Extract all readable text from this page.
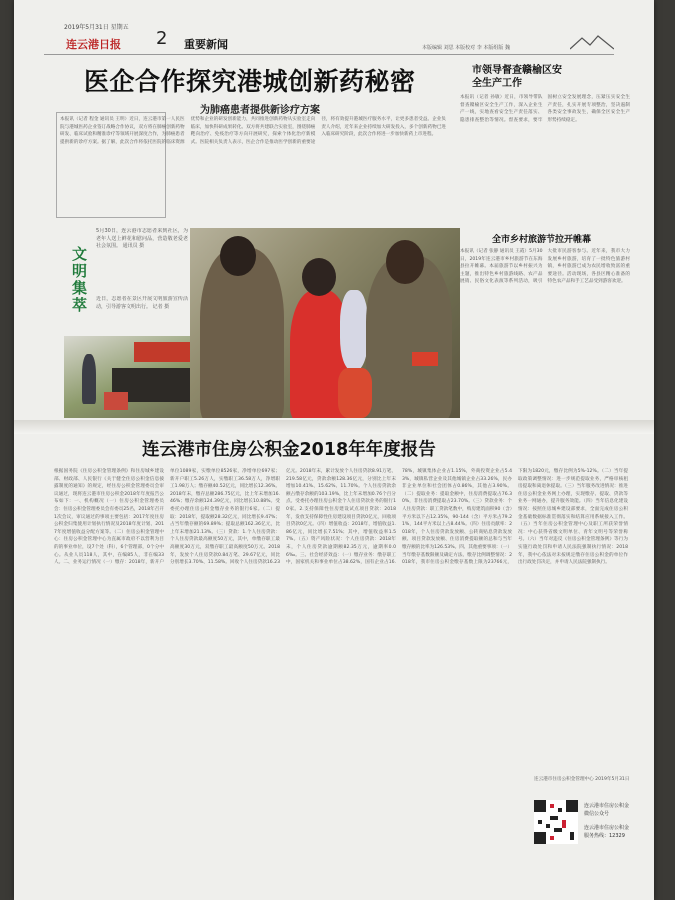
2019年5月31日 星期五
连云港日报 2 重要新闻	本版编辑 刘思 本版校对 李 本版组版 魏
医企合作探究港城创新药秘密
为肺癌患者提供新诊疗方案
本报讯（记者 程金 通讯员 王明）近日，连云港市第一人民医院与港城医药企业签订战略合作协议，双方将在肺癌创新药物研发、临床试验和精准诊疗等领域开展深度合作，为肺癌患者提供新的诊疗方案。据了解，此次合作将依托医院的临床资源优势和企业的研发创新能力，共同推进创新药物从实验室走向临床，加快科研成果转化。双方将共建联合实验室，围绕肺癌靶向治疗、免疫治疗等方向开展研究，探索个体化治疗新模式。医院相关负责人表示，医企合作是推动医学创新的重要途径，将有效提升港城医疗服务水平，让更多患者受益。企业负责人介绍，近年来企业持续加大研发投入，多个创新药物已进入临床研究阶段，此次合作将进一步加快新药上市进程。
市领导督查赣榆区安全生产工作
本报讯（记者 孙敏）近日，市领导带队督查赣榆区安全生产工作，深入企业生产一线，实地查看安全生产责任落实、隐患排查整治等情况。督查要求，要牢固树立安全发展理念，压紧压实安全生产责任，扎实开展专项整治，坚决遏制各类安全事故发生，确保全区安全生产形势持续稳定。
全市乡村旅游节拉开帷幕
本报讯（记者 张静 通讯员 王霞）5月30日，2019年连云港市乡村旅游节在东海县拉开帷幕。本届旅游节以乡村振兴为主题，推出特色乡村旅游线路、农产品展销、民俗文化表演等系列活动，吸引大批市民游客参与。近年来，我市大力发展乡村旅游，培育了一批特色旅游村镇，乡村旅游已成为农民增收致富的重要途径。活动现场，各县区精心准备的特色农产品和手工艺品受到游客欢迎。
文明集萃
5月30日，连云港市志愿者来到社区，为老年人送上鲜花和慰问品，营造敬老爱老社会氛围。 通讯员 摄
近日，志愿者在景区开展文明旅游宣传活动，引导游客文明出行。 记者 摄
连云港市住房公积金2018年年度报告
根据国务院《住房公积金管理条例》和住房城乡建设部、财政部、人民银行《关于健全住房公积金信息披露制度的通知》的规定，经住房公积金管理委员会审议通过，现将连云港市住房公积金2018年年度报告公布如下：一、机构概况（一）住房公积金管理委员会：住房公积金管理委员会有委员25名，2018年召开1次会议，审议通过的事项主要包括：2017年度住房公积金归集使用计划执行情况及2018年度计划、2017年度增值收益分配方案等。（二）住房公积金管理中心：住房公积金管理中心为直属市政府不以营利为目的的事业单位，设7个处（科），6个管理部，0个分中心。从业人员118人，其中，在编85人，非在编33人。二、业务运行情况（一）缴存：2018年，新开户单位1089家，实缴单位8526家，净增单位697家；新开户职工5.26万人，实缴职工36.58万人，净增职工1.98万人；缴存额40.52亿元，同比增长12.36%。2018年末，缴存总额286.75亿元，比上年末增加16.46%；缴存余额124.39亿元，同比增长10.88%。受委托办理住房公积金缴存业务的银行6家。（二）提取：2018年，提取额28.32亿元，同比增长9.47%；占当年缴存额的69.89%；提取总额162.36亿元，比上年末增加21.13%。（三）贷款：1.个人住房贷款：个人住房贷款最高额度50万元，其中，单缴存职工最高额度30万元，双缴存职工最高额度50万元。2018年，发放个人住房贷款0.84万笔、29.67亿元，同比分别增长3.70%、11.58%。回收个人住房贷款16.23亿元。2018年末，累计发放个人住房贷款8.91万笔、219.58亿元，贷款余额128.36亿元，分别比上年末增加10.41%、15.62%、11.70%。个人住房贷款余额占缴存余额的103.19%，比上年末增加0.76个百分点。受委托办理住房公积金个人住房贷款业务的银行10家。2.支持保障性住房建设试点项目贷款：2018年，发放支持保障性住房建设项目贷款0亿元，回收项目贷款0亿元。（四）增值收益：2018年，增值收益1.86亿元，同比增长7.51%；其中，增值收益率1.57%。（五）资产风险状况：个人住房贷款：2018年末，个人住房贷款逾期额82.35万元，逾期率0.06‰。三、社会经济效益：（一）缴存业务：缴存职工中，国家机关和事业单位占38.62%，国有企业占16.78%，城镇集体企业占1.15%，外商投资企业占5.43%，城镇私营企业及其他城镇企业占33.26%，民办非企业单位和社会团体占0.86%，其他占3.90%。（二）提取业务：提取金额中，住房消费提取占76.30%，非住房消费提取占23.70%。（三）贷款业务：个人住房贷款：职工贷款笔数中，购房建筑面积90（含）平方米以下占12.35%，90-144（含）平方米占79.21%，144平方米以上占8.44%。（四）住房贡献率：2018年，个人住房贷款发放额、公转商贴息贷款发放额、项目贷款发放额、住房消费提取额的总和与当年缴存额的比率为126.53%。四、其他重要事项：（一）当年缴存基数限额及确定方法、缴存比例调整情况：2018年，我市住房公积金缴存基数上限为23766元，下限为1820元，缴存比例为5%-12%。（二）当年提取政策调整情况：进一步规范提取业务，严格审核租房提取和离退休提取。（三）当年服务改进情况：推进住房公积金业务网上办理，实现缴存、提取、贷款等业务一网通办，提升服务效能。（四）当年信息化建设情况：按照住房城乡建设部要求，全面完成住房公积金基础数据标准贯彻落实和结算应用系统接入工作。（五）当年住房公积金管理中心及职工所获荣誉情况：中心获得省级文明单位、青年文明号等荣誉称号。（六）当年对违反《住房公积金管理条例》等行为实施行政处罚和申请人民法院强制执行情况：2018年，我中心依法对未按规定缴存住房公积金的单位作出行政处罚决定，并申请人民法院强制执行。
连云港市住房公积金管理中心 2019年5月31日
连云港市住房公积金
微信公众号
连云港市住房公积金
服务热线：12329
